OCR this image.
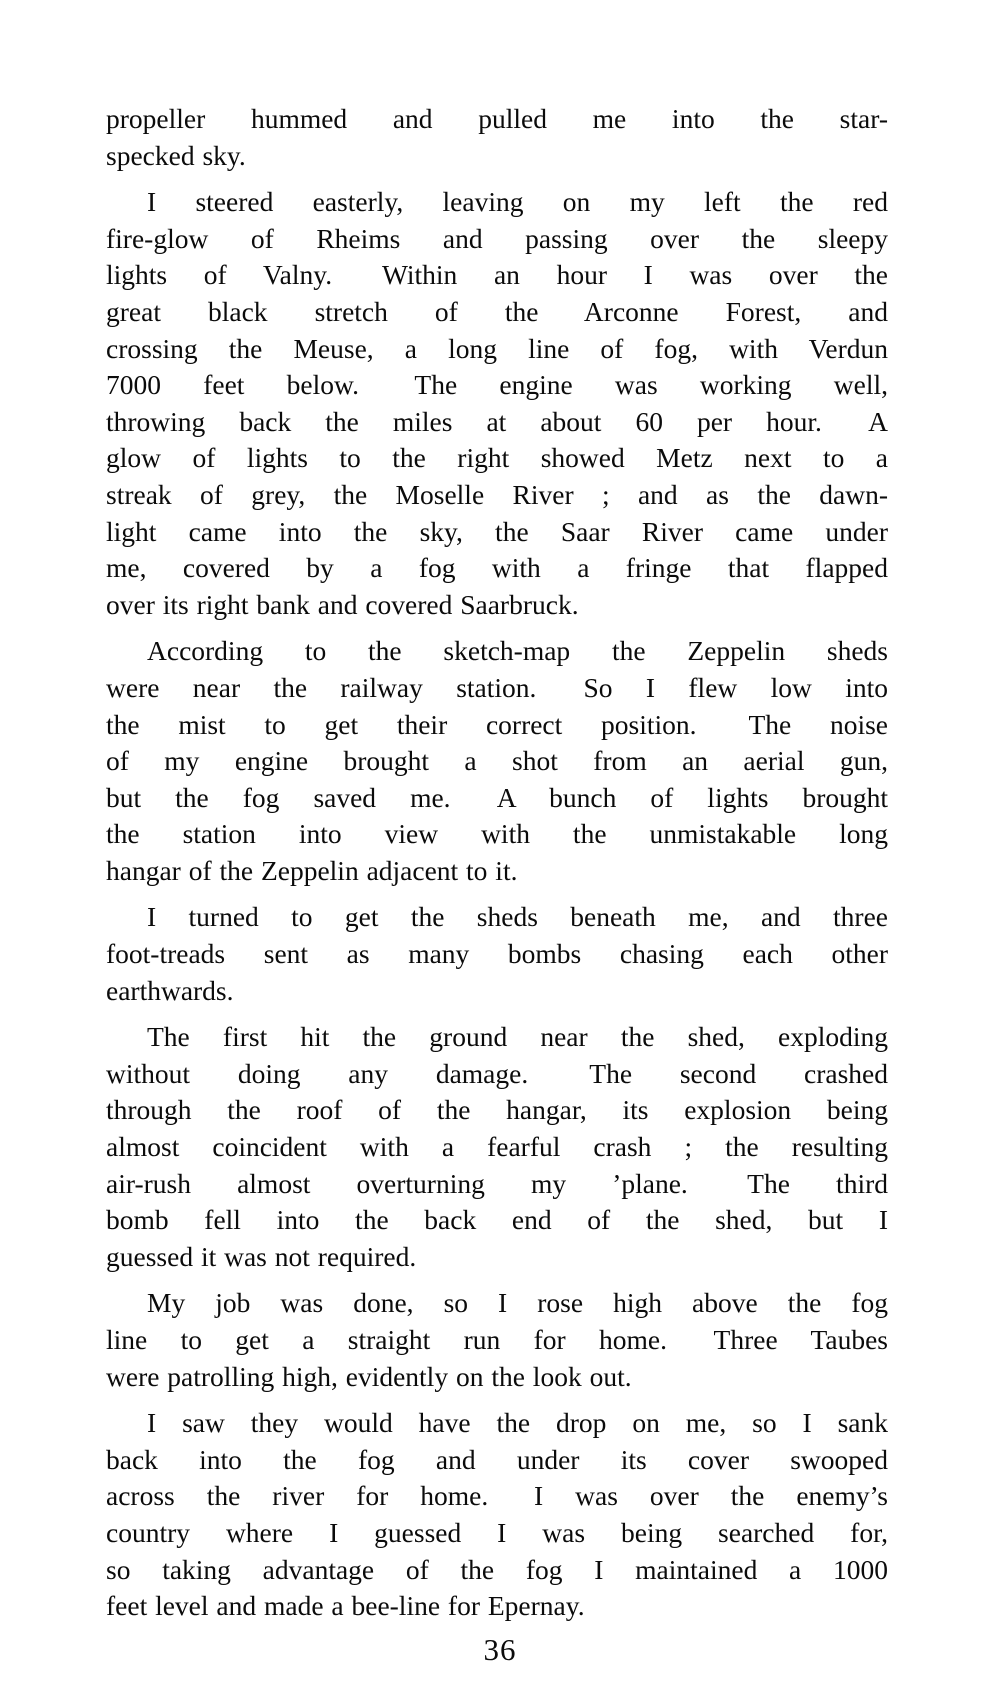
propeller hummed and pulled me into the star-
specked sky.
I steered easterly, leaving on my left the red
fire-glow of Rheims and passing over the sleepy
lights of Valny.  Within an hour I was over the
great black stretch of the Arconne Forest, and
crossing the Meuse, a long line of fog, with Verdun
7000 feet below.  The engine was working well,
throwing back the miles at about 60 per hour.  A
glow of lights to the right showed Metz next to a
streak of grey, the Moselle River ; and as the dawn-
light came into the sky, the Saar River came under
me, covered by a fog with a fringe that flapped
over its right bank and covered Saarbruck.
According to the sketch-map the Zeppelin sheds
were near the railway station.  So I flew low into
the mist to get their correct position.  The noise
of my engine brought a shot from an aerial gun,
but the fog saved me.  A bunch of lights brought
the station into view with the unmistakable long
hangar of the Zeppelin adjacent to it.
I turned to get the sheds beneath me, and three
foot-treads sent as many bombs chasing each other
earthwards.
The first hit the ground near the shed, exploding
without doing any damage.  The second crashed
through the roof of the hangar, its explosion being
almost coincident with a fearful crash ; the resulting
air-rush almost overturning my ’plane.  The third
bomb fell into the back end of the shed, but I
guessed it was not required.
My job was done, so I rose high above the fog
line to get a straight run for home.  Three Taubes
were patrolling high, evidently on the look out.
I saw they would have the drop on me, so I sank
back into the fog and under its cover swooped
across the river for home.  I was over the enemy’s
country where I guessed I was being searched for,
so taking advantage of the fog I maintained a 1000
feet level and made a bee-line for Epernay.
36
